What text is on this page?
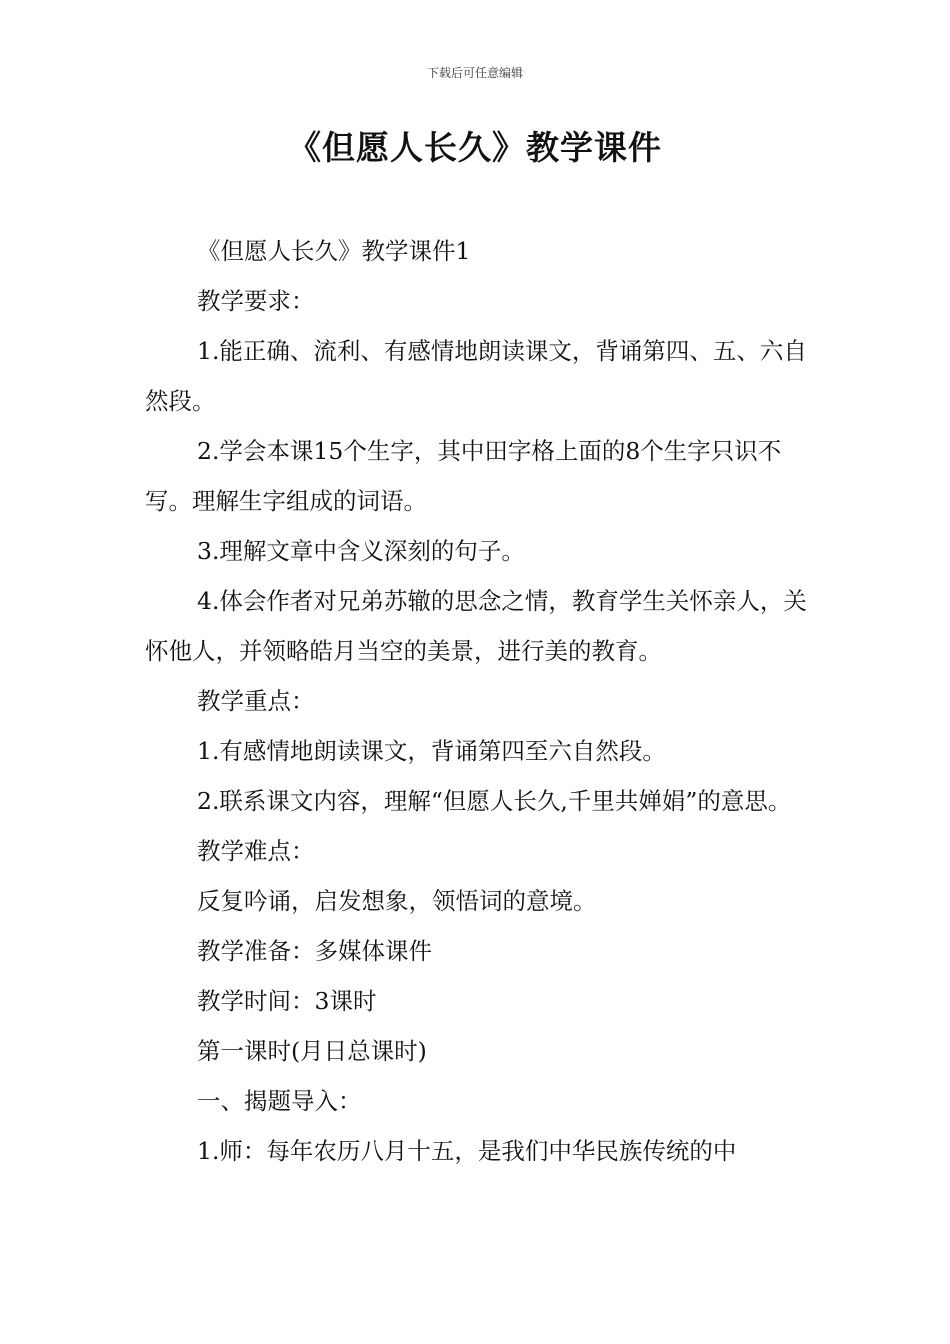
下载后可任意编辑
《但愿人长久》教学课件

《但愿人长久》教学课件1

教学要求：

1.能正确、流利、有感情地朗读课文，背诵第四、五、六自然段。

2.学会本课15个生字，其中田字格上面的8个生字只识不写。理解生字组成的词语。

3.理解文章中含义深刻的句子。

4.体会作者对兄弟苏辙的思念之情，教育学生关怀亲人，关怀他人，并领略皓月当空的美景，进行美的教育。

教学重点：

1.有感情地朗读课文，背诵第四至六自然段。

2.联系课文内容，理解“但愿人长久,千里共婵娟”的意思。

教学难点：

反复吟诵，启发想象，领悟词的意境。

教学准备：多媒体课件

教学时间：3课时

第一课时(月日总课时)

一、揭题导入：

1.师：每年农历八月十五，是我们中华民族传统的中
